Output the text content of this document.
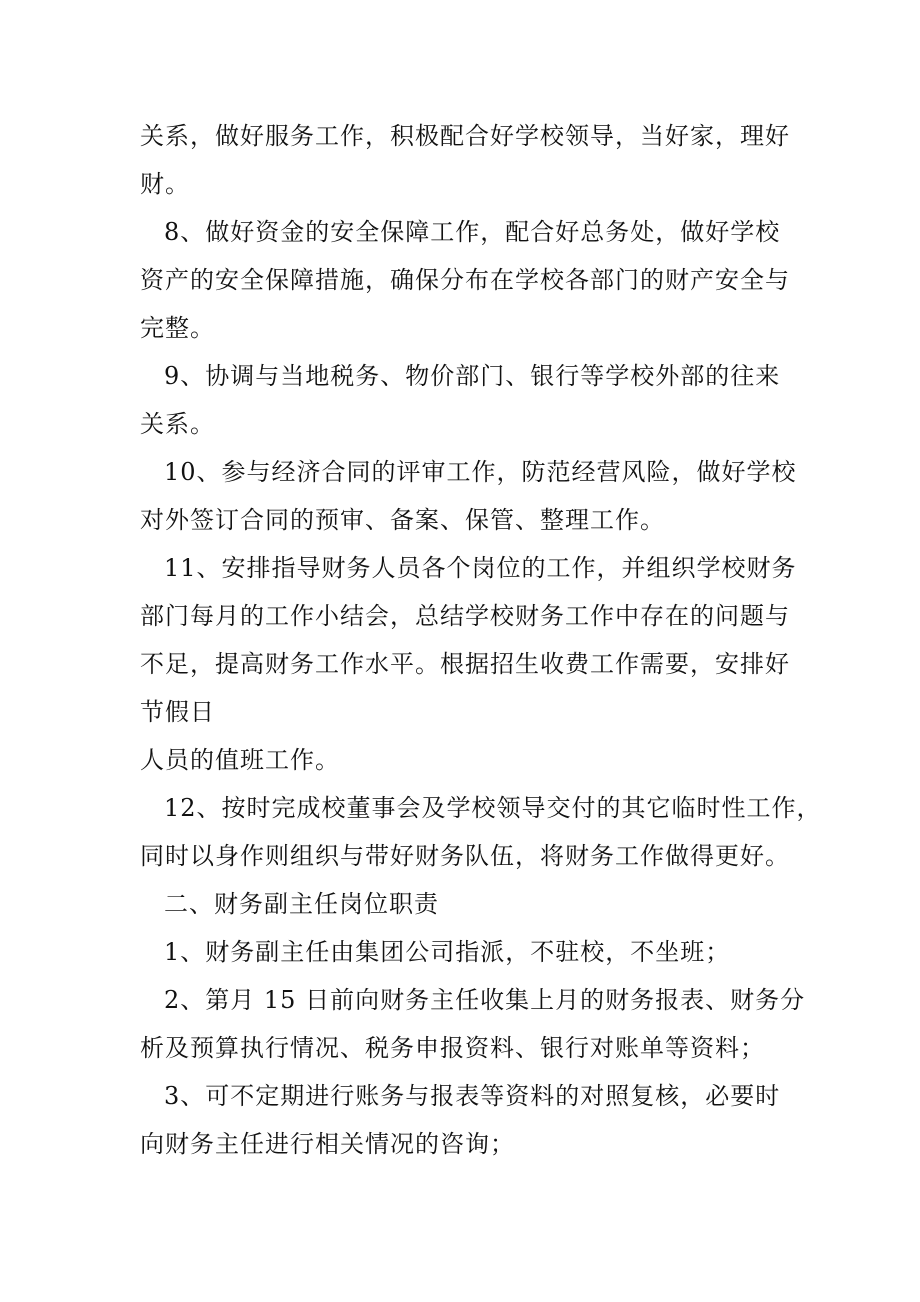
关系，做好服务工作，积极配合好学校领导，当好家，理好
财。
8、做好资金的安全保障工作，配合好总务处，做好学校
资产的安全保障措施，确保分布在学校各部门的财产安全与
完整。
9、协调与当地税务、物价部门、银行等学校外部的往来
关系。
10、参与经济合同的评审工作，防范经营风险，做好学校
对外签订合同的预审、备案、保管、整理工作。
11、安排指导财务人员各个岗位的工作，并组织学校财务
部门每月的工作小结会，总结学校财务工作中存在的问题与
不足，提高财务工作水平。根据招生收费工作需要，安排好
节假日
人员的值班工作。
12、按时完成校董事会及学校领导交付的其它临时性工作，
同时以身作则组织与带好财务队伍，将财务工作做得更好。
二、财务副主任岗位职责
1、财务副主任由集团公司指派，不驻校，不坐班；
2、第月 15 日前向财务主任收集上月的财务报表、财务分
析及预算执行情况、税务申报资料、银行对账单等资料；
3、可不定期进行账务与报表等资料的对照复核，必要时
向财务主任进行相关情况的咨询；
